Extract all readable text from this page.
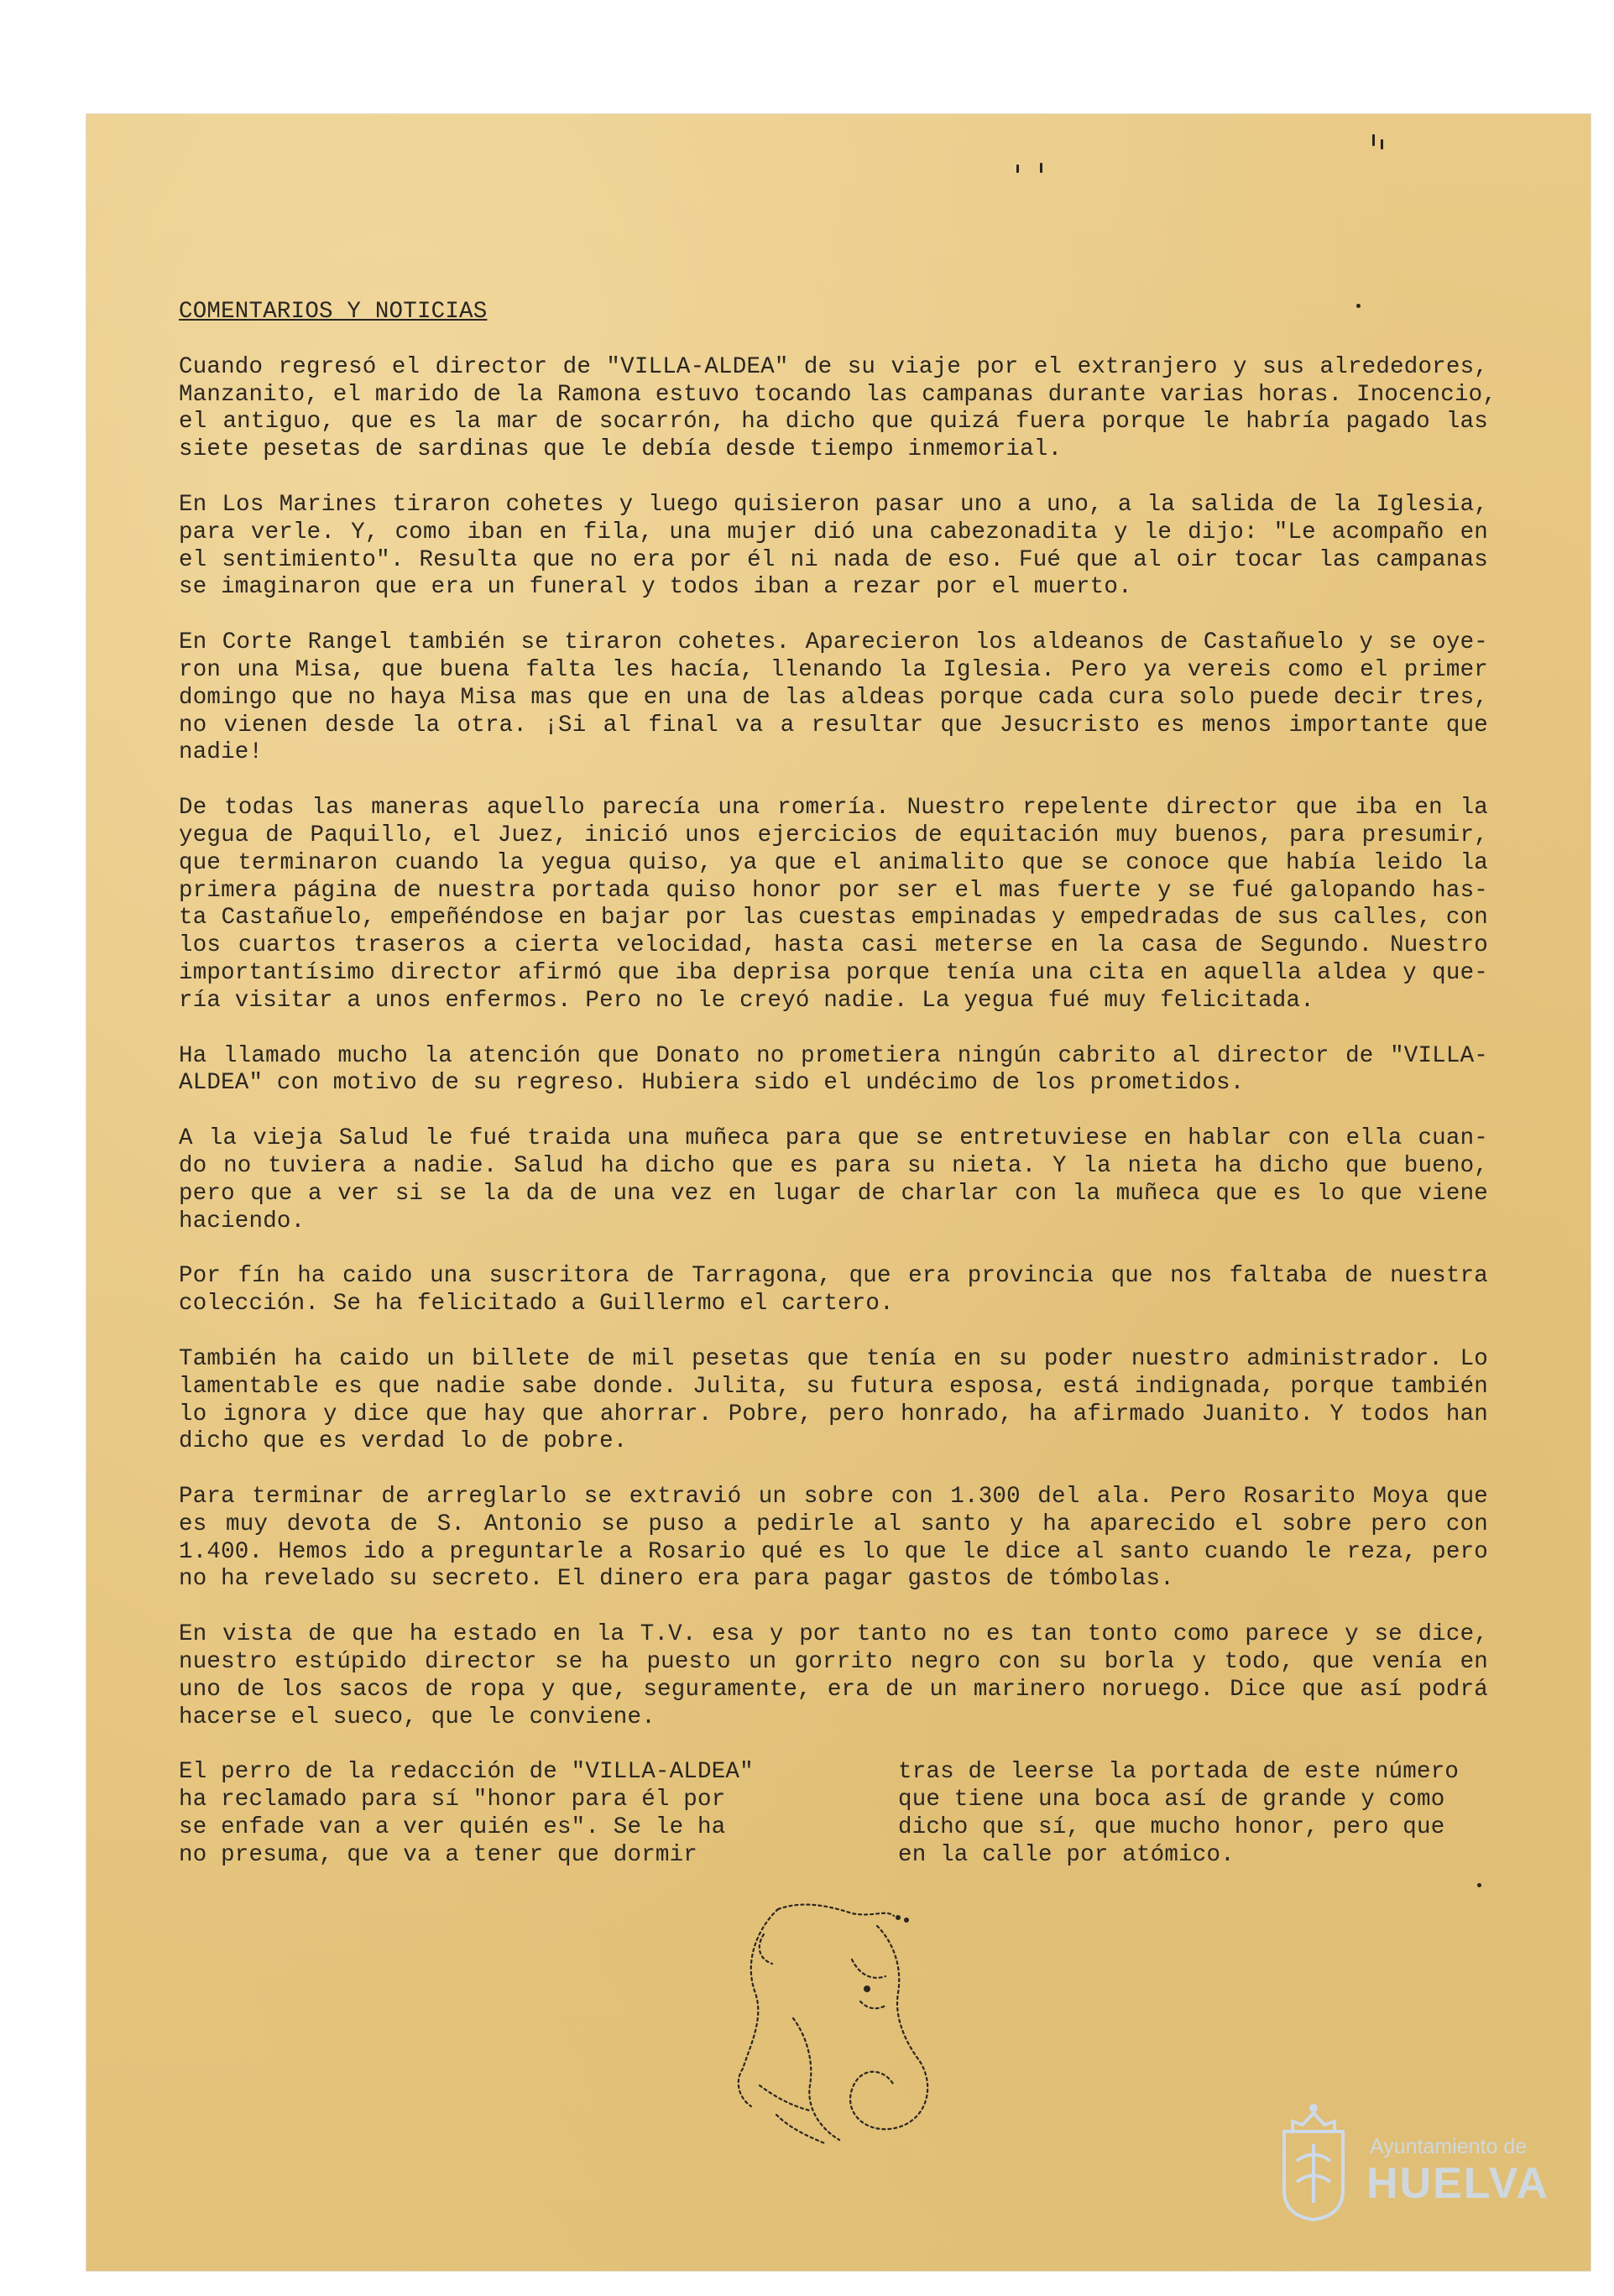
COMENTARIOS Y NOTICIAS
Cuando regresó el director de "VILLA-ALDEA" de su viaje por el extranjero y sus alrededores,
Manzanito, el marido de la Ramona estuvo tocando las campanas durante varias horas. Inocencio,
el antiguo, que es la mar de socarrón, ha dicho que quizá fuera porque le habría pagado las
siete pesetas de sardinas que le debía desde tiempo inmemorial.
En Los Marines tiraron cohetes y luego quisieron pasar uno a uno, a la salida de la Iglesia,
para verle. Y, como iban en fila, una mujer dió una cabezonadita y le dijo: "Le acompaño en
el sentimiento". Resulta que no era por él ni nada de eso. Fué que al oir tocar las campanas
se imaginaron que era un funeral y todos iban a rezar por el muerto.
En Corte Rangel también se tiraron cohetes. Aparecieron los aldeanos de Castañuelo y se oye-
ron una Misa, que buena falta les hacía, llenando la Iglesia. Pero ya vereis como el primer
domingo que no haya Misa mas que en una de las aldeas porque cada cura solo puede decir tres,
no vienen desde la otra. ¡Si al final va a resultar que Jesucristo es menos importante que
nadie!
De todas las maneras aquello parecía una romería. Nuestro repelente director que iba en la
yegua de Paquillo, el Juez, inició unos ejercicios de equitación muy buenos, para presumir,
que terminaron cuando la yegua quiso, ya que el animalito que se conoce que había leido la
primera página de nuestra portada quiso honor por ser el mas fuerte y se fué galopando has-
ta Castañuelo, empeñéndose en bajar por las cuestas empinadas y empedradas de sus calles, con
los cuartos traseros a cierta velocidad, hasta casi meterse en la casa de Segundo. Nuestro
importantísimo director afirmó que iba deprisa porque tenía una cita en aquella aldea y que-
ría visitar a unos enfermos. Pero no le creyó nadie. La yegua fué muy felicitada.
Ha llamado mucho la atención que Donato no prometiera ningún cabrito al director de "VILLA-
ALDEA" con motivo de su regreso. Hubiera sido el undécimo de los prometidos.
A la vieja Salud le fué traida una muñeca para que se entretuviese en hablar con ella cuan-
do no tuviera a nadie. Salud ha dicho que es para su nieta. Y la nieta ha dicho que bueno,
pero que a ver si se la da de una vez en lugar de charlar con la muñeca que es lo que viene
haciendo.
Por fín ha caido una suscritora de Tarragona, que era provincia que nos faltaba de nuestra
colección. Se ha felicitado a Guillermo el cartero.
También ha caido un billete de mil pesetas que tenía en su poder nuestro administrador. Lo
lamentable es que nadie sabe donde. Julita, su futura esposa, está indignada, porque también
lo ignora y dice que hay que ahorrar. Pobre, pero honrado, ha afirmado Juanito. Y todos han
dicho que es verdad lo de pobre.
Para terminar de arreglarlo se extravió un sobre con 1.300 del ala. Pero Rosarito Moya que
es muy devota de S. Antonio se puso a pedirle al santo y ha aparecido el sobre pero con
1.400. Hemos ido a preguntarle a Rosario qué es lo que le dice al santo cuando le reza, pero
no ha revelado su secreto. El dinero era para pagar gastos de tómbolas.
En vista de que ha estado en la T.V. esa y por tanto no es tan tonto como parece y se dice,
nuestro estúpido director se ha puesto un gorrito negro con su borla y todo, que venía en
uno de los sacos de ropa y que, seguramente, era de un marinero noruego. Dice que así podrá
hacerse el sueco, que le conviene.
El perro de la redacción de "VILLA-ALDEA"	tras de leerse la portada de este número
ha reclamado para sí "honor para él por	que tiene una boca así de grande y como
se enfade van a ver quién es". Se le ha	dicho que sí, que mucho honor, pero que
no presuma, que va a tener que dormir	en la calle por atómico.
Ayuntamiento de
HUELVA
